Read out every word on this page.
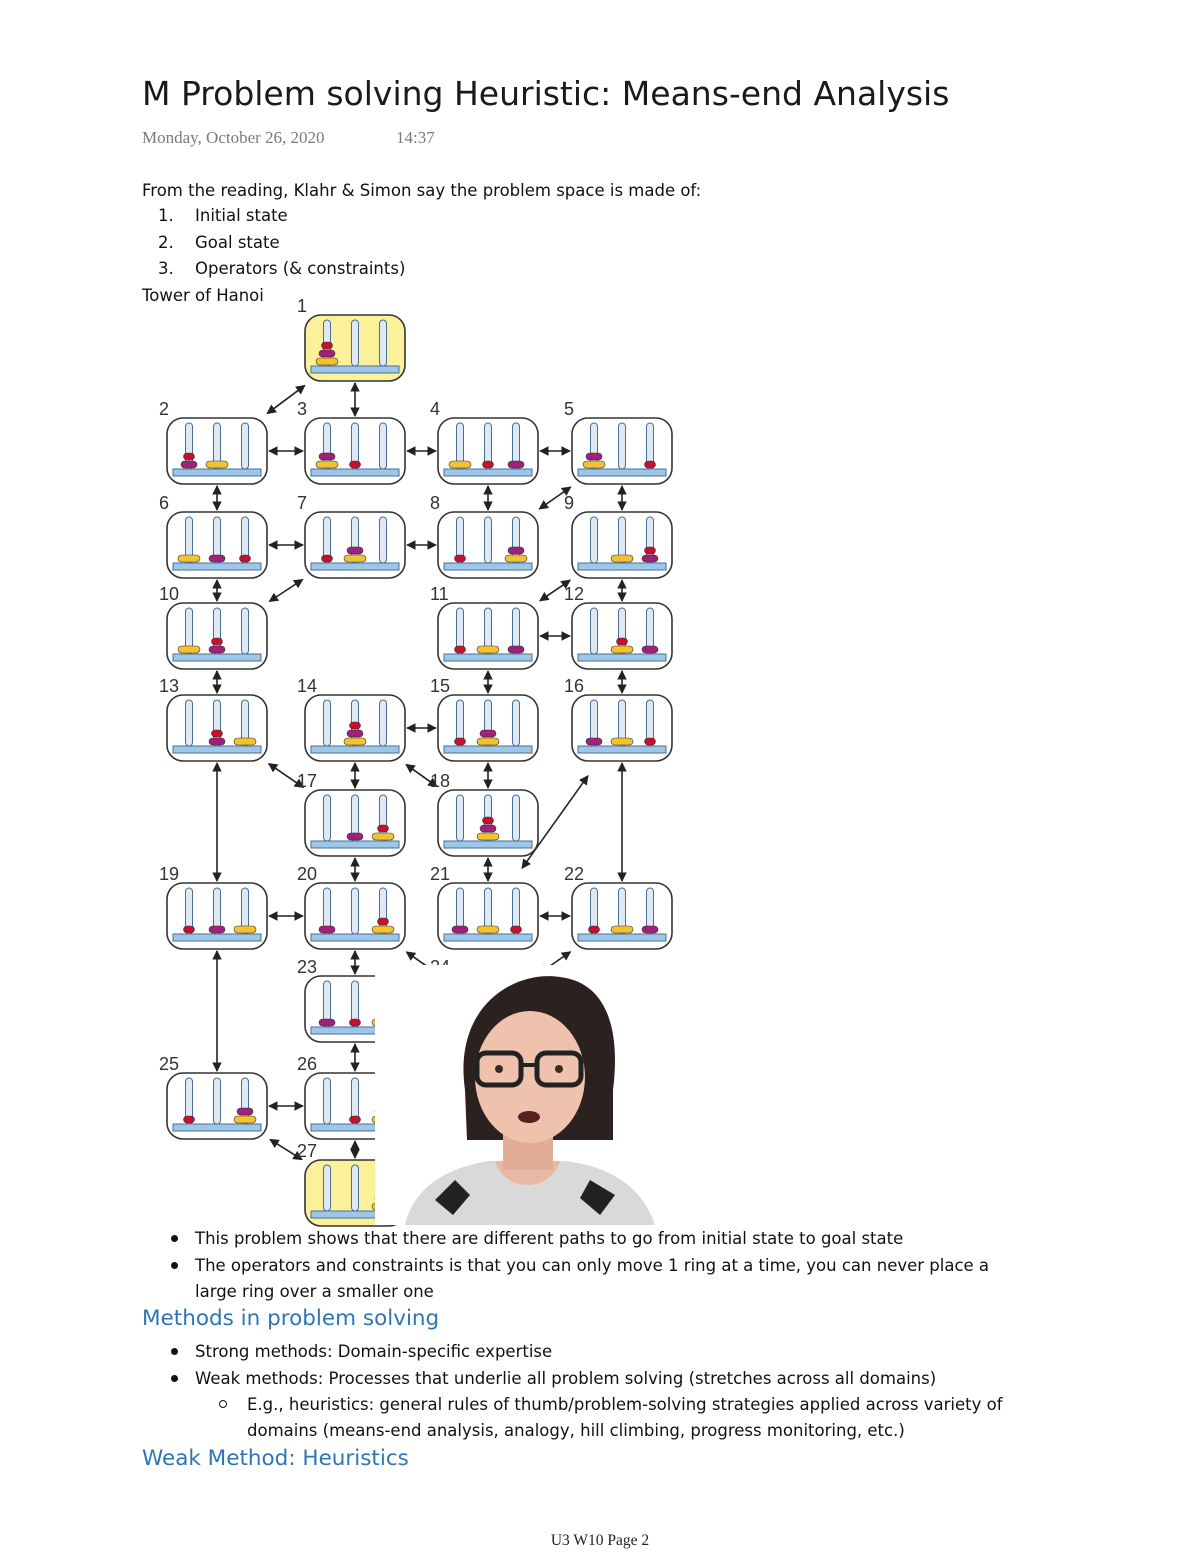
M Problem solving Heuristic: Means-end Analysis
Monday, October 26, 2020	14:37
From the reading, Klahr & Simon say the problem space is made of:
1. Initial state
2. Goal state
3. Operators (& constraints)
Tower of Hanoi
1
2	3	4	5
6	7	8	9
10	11	12
13	14	15	16
17	18
19	20	21	22
23
25	26
27
This problem shows that there are different paths to go from initial state to goal state
The operators and constraints is that you can only move 1 ring at a time, you can never place a
large ring over a smaller one
Methods in problem solving
Strong methods: Domain-specific expertise
Weak methods: Processes that underlie all problem solving (stretches across all domains)
E.g., heuristics: general rules of thumb/problem-solving strategies applied across variety of
domains (means-end analysis, analogy, hill climbing, progress monitoring, etc.)
Weak Method: Heuristics
U3 W10 Page 2
